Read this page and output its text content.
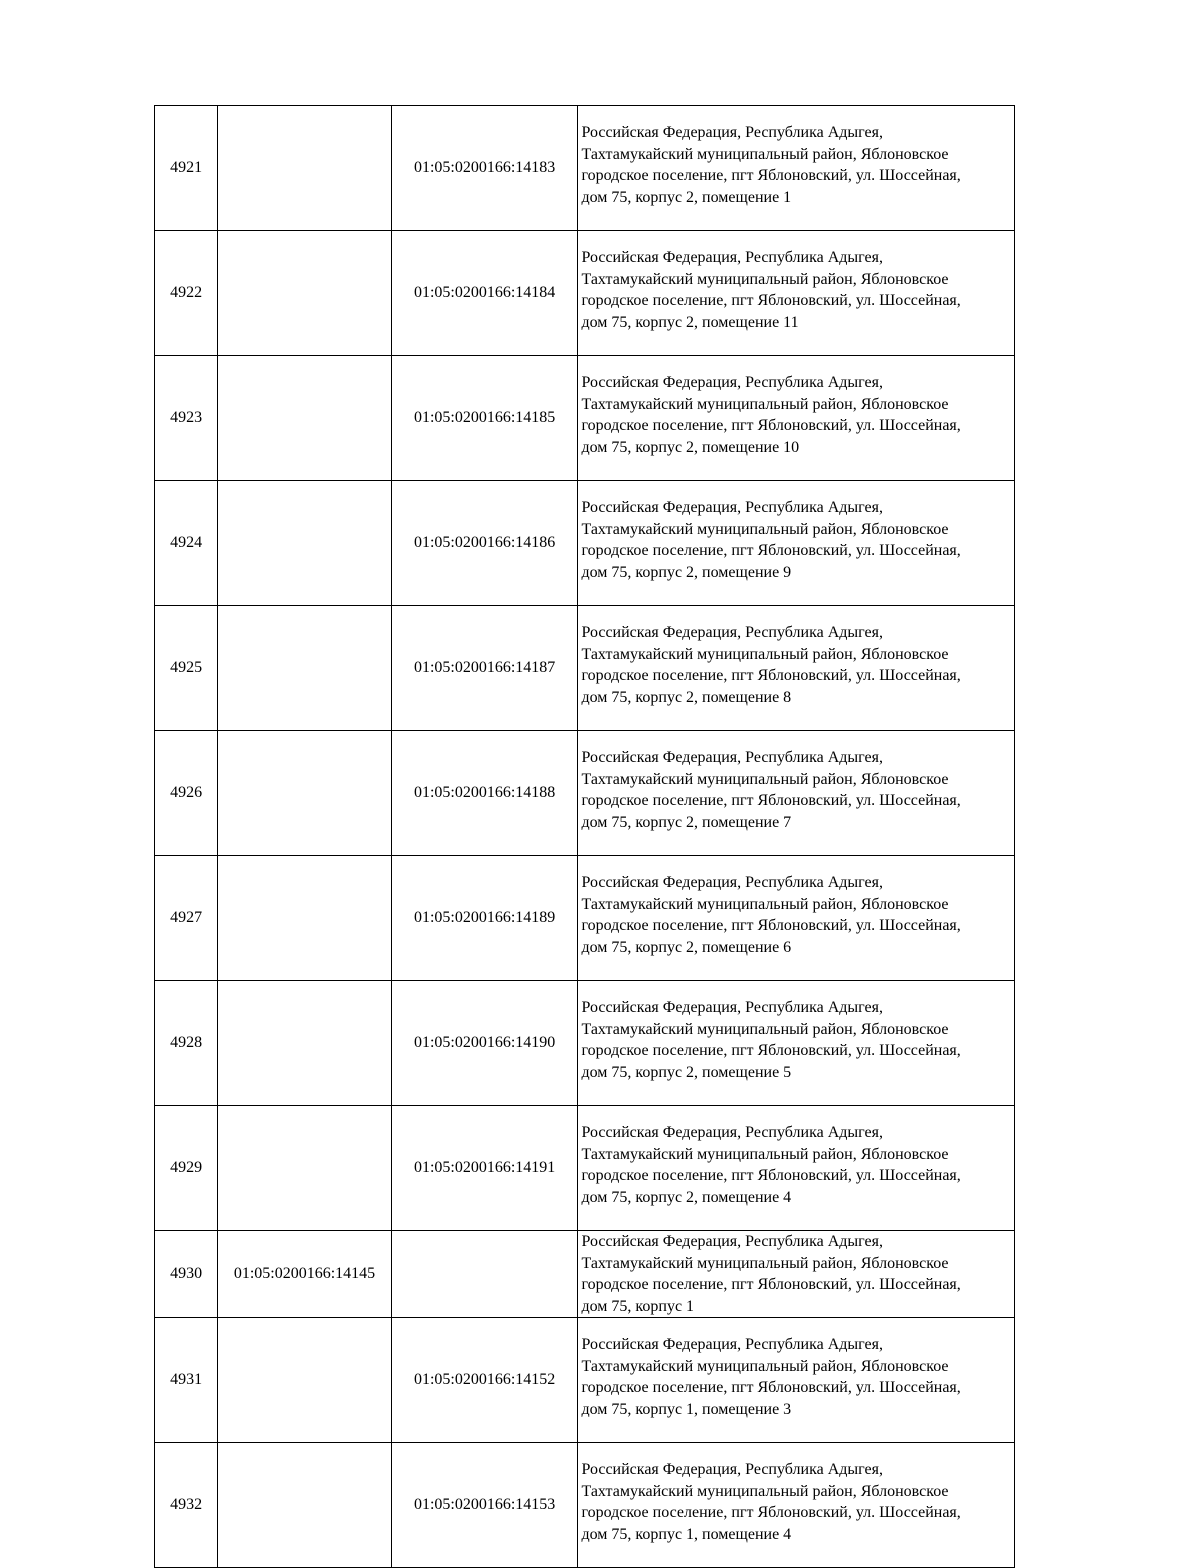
4921		01:05:0200166:14183	Российская Федерация, Республика Адыгея,
Тахтамукайский муниципальный район, Яблоновское
городское поселение, пгт Яблоновский, ул. Шоссейная,
дом 75, корпус 2, помещение 1

4922		01:05:0200166:14184	Российская Федерация, Республика Адыгея,
Тахтамукайский муниципальный район, Яблоновское
городское поселение, пгт Яблоновский, ул. Шоссейная,
дом 75, корпус 2, помещение 11

4923		01:05:0200166:14185	Российская Федерация, Республика Адыгея,
Тахтамукайский муниципальный район, Яблоновское
городское поселение, пгт Яблоновский, ул. Шоссейная,
дом 75, корпус 2, помещение 10

4924		01:05:0200166:14186	Российская Федерация, Республика Адыгея,
Тахтамукайский муниципальный район, Яблоновское
городское поселение, пгт Яблоновский, ул. Шоссейная,
дом 75, корпус 2, помещение 9

4925		01:05:0200166:14187	Российская Федерация, Республика Адыгея,
Тахтамукайский муниципальный район, Яблоновское
городское поселение, пгт Яблоновский, ул. Шоссейная,
дом 75, корпус 2, помещение 8

4926		01:05:0200166:14188	Российская Федерация, Республика Адыгея,
Тахтамукайский муниципальный район, Яблоновское
городское поселение, пгт Яблоновский, ул. Шоссейная,
дом 75, корпус 2, помещение 7

4927		01:05:0200166:14189	Российская Федерация, Республика Адыгея,
Тахтамукайский муниципальный район, Яблоновское
городское поселение, пгт Яблоновский, ул. Шоссейная,
дом 75, корпус 2, помещение 6

4928		01:05:0200166:14190	Российская Федерация, Республика Адыгея,
Тахтамукайский муниципальный район, Яблоновское
городское поселение, пгт Яблоновский, ул. Шоссейная,
дом 75, корпус 2, помещение 5

4929		01:05:0200166:14191	Российская Федерация, Республика Адыгея,
Тахтамукайский муниципальный район, Яблоновское
городское поселение, пгт Яблоновский, ул. Шоссейная,
дом 75, корпус 2, помещение 4

4930	01:05:0200166:14145		Российская Федерация, Республика Адыгея,
Тахтамукайский муниципальный район, Яблоновское
городское поселение, пгт Яблоновский, ул. Шоссейная,
дом 75, корпус 1

4931		01:05:0200166:14152	Российская Федерация, Республика Адыгея,
Тахтамукайский муниципальный район, Яблоновское
городское поселение, пгт Яблоновский, ул. Шоссейная,
дом 75, корпус 1, помещение 3

4932		01:05:0200166:14153	Российская Федерация, Республика Адыгея,
Тахтамукайский муниципальный район, Яблоновское
городское поселение, пгт Яблоновский, ул. Шоссейная,
дом 75, корпус 1, помещение 4
